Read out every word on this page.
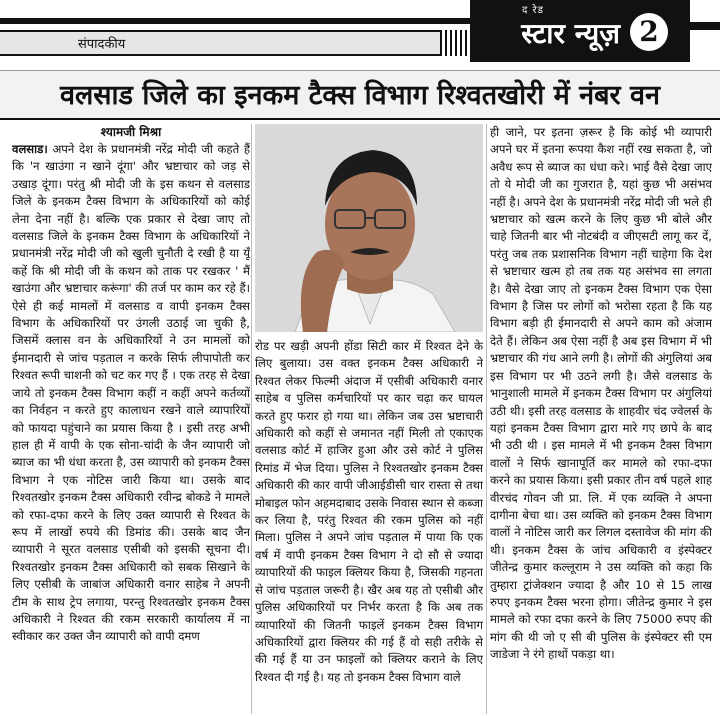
संपादकीय
द रेड
स्टार न्यूज़ 2
वलसाड जिले का इनकम टैक्स विभाग रिश्वतखोरी में नंबर वन
श्यामजी मिश्रा

वलसाड। अपने देश के प्रधानमंत्री नरेंद्र मोदी जी कहते हैं कि 'न खाउंगा न खाने दूंगा' और भ्रष्टाचार को जड़ से उखाड़ दूंगा। परंतु श्री मोदी जी के इस कथन से वलसाड जिले के इनकम टैक्स विभाग के अधिकारियों को कोई लेना देना नहीं है। बल्कि एक प्रकार से देखा जाए तो वलसाड जिले के इनकम टैक्स विभाग के अधिकारियों ने प्रधानमंत्री नरेंद्र मोदी जी को खुली चुनौती दे रखी है या यूँ कहें कि श्री मोदी जी के कथन को ताक पर रखकर ' मैं खाउंगा और भ्रष्टाचार करूंगा' की तर्ज पर काम कर रहे हैं। ऐसे ही कई मामलों में वलसाड व वापी इनकम टैक्स विभाग के अधिकारियों पर उंगली उठाई जा चुकी है, जिसमें क्लास वन के अधिकारियों ने उन मामलों को ईमानदारी से जांच पड़ताल न करके सिर्फ लीपापोती कर रिश्वत रूपी चाशनी को चट कर गए हैं । एक तरह से देखा जाये तो इनकम टैक्स विभाग कहीं न कहीं अपने कर्तव्यों का निर्वहन न करते हुए कालाधन रखने वाले व्यापारियों को फायदा पहुंचाने का प्रयास किया है । इसी तरह अभी हाल ही में वापी के एक सोना-चांदी के जैन व्यापारी जो ब्याज का भी धंधा करता है, उस व्यापारी को इनकम टैक्स विभाग ने एक नोटिस जारी किया था। उसके बाद रिश्वतखोर इनकम टैक्स अधिकारी रवीन्द्र बोकडे ने मामले को रफा-दफा करने के लिए उक्त व्यापारी से रिश्वत के रूप में लाखों रुपये की डिमांड की। उसके बाद जैन व्यापारी ने सूरत वलसाड एसीबी को इसकी सूचना दी। रिश्वतखोर इनकम टैक्स अधिकारी को सबक सिखाने के लिए एसीबी के जाबांज अधिकारी वनार साहेब ने अपनी टीम के साथ ट्रेप लगाया, परन्तु रिश्वतखोर इनकम टैक्स अधिकारी ने रिश्वत की रकम सरकारी कार्यालय में ना स्वीकार कर उक्त जैन व्यापारी को वापी दमण

रोड पर खड़ी अपनी होंडा सिटी कार में रिश्वत देने के लिए बुलाया। उस वक्त इनकम टैक्स अधिकारी ने रिश्वत लेकर फिल्मी अंदाज में एसीबी अधिकारी वनार साहेब व पुलिस कर्मचारियों पर कार चढ़ा कर घायल करते हुए फरार हो गया था। लेकिन जब उस भ्रष्टाचारी अधिकारी को कहीं से जमानत नहीं मिली तो एकाएक वलसाड कोर्ट में हाजिर हुआ और उसे कोर्ट ने पुलिस रिमांड में भेज दिया। पुलिस ने रिश्वतखोर इनकम टैक्स अधिकारी की कार वापी जीआईडीसी चार रास्ता से तथा मोबाइल फोन अहमदाबाद उसके निवास स्थान से कब्जा कर लिया है, परंतु रिश्वत की रकम पुलिस को नहीं मिला। पुलिस ने अपने जांच पड़ताल में पाया कि एक वर्ष में वापी इनकम टैक्स विभाग ने दो सौ से ज्यादा व्यापारियों की फाइल क्लियर किया है, जिसकी गहनता से जांच पड़ताल जरूरी है। खैर अब यह तो एसीबी और पुलिस अधिकारियों पर निर्भर करता है कि अब तक व्यापारियों की जितनी फाइलें इनकम टैक्स विभाग अधिकारियों द्वारा क्लियर की गई हैं वो सही तरीके से की गई हैं या उन फाइलों को क्लियर कराने के लिए रिश्वत दी गई है। यह तो इनकम टैक्स विभाग वाले

ही जाने, पर इतना ज़रूर है कि कोई भी व्यापारी अपने घर में इतना रूपया कैश नहीं रख सकता है, जो अवैध रूप से ब्याज का धंधा करे। भाई वैसे देखा जाए तो ये मोदी जी का गुजरात है, यहां कुछ भी असंभव नहीं है। अपने देश के प्रधानमंत्री नरेंद्र मोदी जी भले ही भ्रष्टाचार को खत्म करने के लिए कुछ भी बोले और चाहे जितनी बार भी नोटबंदी व जीएसटी लागू कर दें, परंतु जब तक प्रशासनिक विभाग नहीं चाहेगा कि देश से भ्रष्टाचार खत्म हो तब तक यह असंभव सा लगता है। वैसे देखा जाए तो इनकम टैक्स विभाग एक ऐसा विभाग है जिस पर लोगों को भरोसा रहता है कि यह विभाग बड़ी ही ईमानदारी से अपने काम को अंजाम देते हैं। लेकिन अब ऐसा नहीं है अब इस विभाग में भी भ्रष्टाचार की गंध आने लगी है। लोगों की अंगुलियां अब इस विभाग पर भी उठने लगी है। जैसे वलसाड के भानुशाली मामले में इनकम टैक्स विभाग पर अंगुलियां उठी थी। इसी तरह वलसाड के शाहवीर चंद ज्वेलर्स के यहां इनकम टैक्स विभाग द्वारा मारे गए छापे के बाद भी उठी थी । इस मामले में भी इनकम टैक्स विभाग वालों ने सिर्फ खानापूर्ति कर मामले को रफा-दफा करने का प्रयास किया। इसी प्रकार तीन वर्ष पहले शाह वीरचंद गोवन जी प्रा. लि. में एक व्यक्ति ने अपना दागीना बेचा था। उस व्यक्ति को इनकम टैक्स विभाग वालों ने नोटिस जारी कर लिगल दस्तावेज की मांग की थी। इनकम टैक्स के जांच अधिकारी व इंस्पेक्टर जीतेन्द्र कुमार कल्लूराम ने उस व्यक्ति को कहा कि तुम्हारा ट्रांजेक्शन ज्यादा है और 10 से 15 लाख रुपए इनकम टैक्स भरना होगा। जीतेन्द्र कुमार ने इस मामले को रफा दफा करने के लिए 75000 रुपए की मांग की थी जो ए सी बी पुलिस के इंस्पेक्टर सी एम जाडेजा ने रंगे हाथों पकड़ा था।
